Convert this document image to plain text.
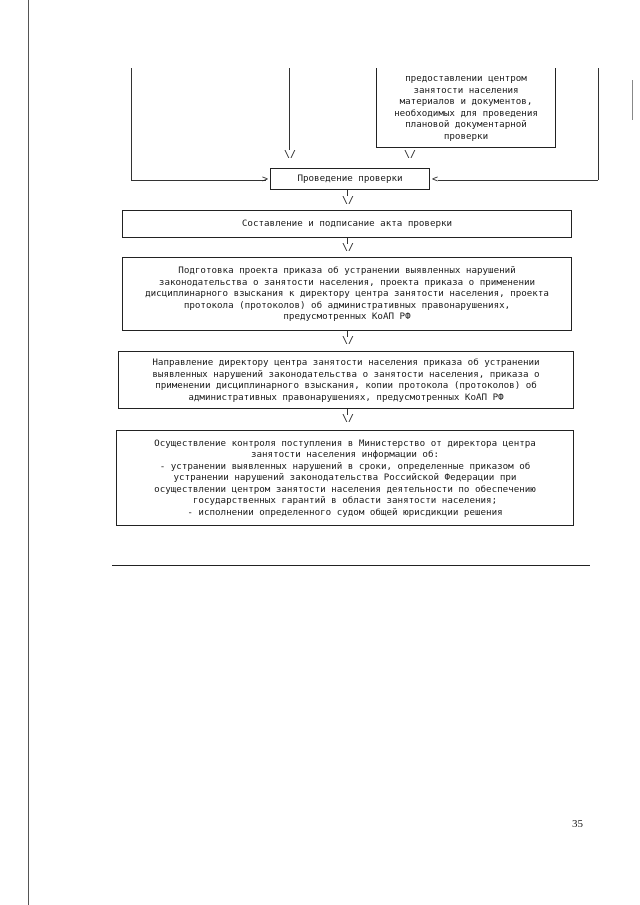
>
\/
предоставлении центром
занятости населения
материалов и документов,
необходимых для проведения
плановой документарной
проверки
\/
<
Проведение проверки
\/
Составление и подписание акта проверки
\/
Подготовка проекта приказа об устранении выявленных нарушений
законодательства о занятости населения, проекта приказа о применении
дисциплинарного взыскания к директору центра занятости населения, проекта
протокола (протоколов) об административных правонарушениях,
предусмотренных КоАП РФ
\/
Направление директору центра занятости населения приказа об устранении
выявленных нарушений законодательства о занятости населения, приказа о
применении дисциплинарного взыскания, копии протокола (протоколов) об
административных правонарушениях, предусмотренных КоАП РФ
\/
Осуществление контроля поступления в Министерство от директора центра
занятости населения информации об:
- устранении выявленных нарушений в сроки, определенные приказом об
устранении нарушений законодательства Российской Федерации при
осуществлении центром занятости населения деятельности по обеспечению
государственных гарантий в области занятости населения;
- исполнении определенного судом общей юрисдикции решения
35
